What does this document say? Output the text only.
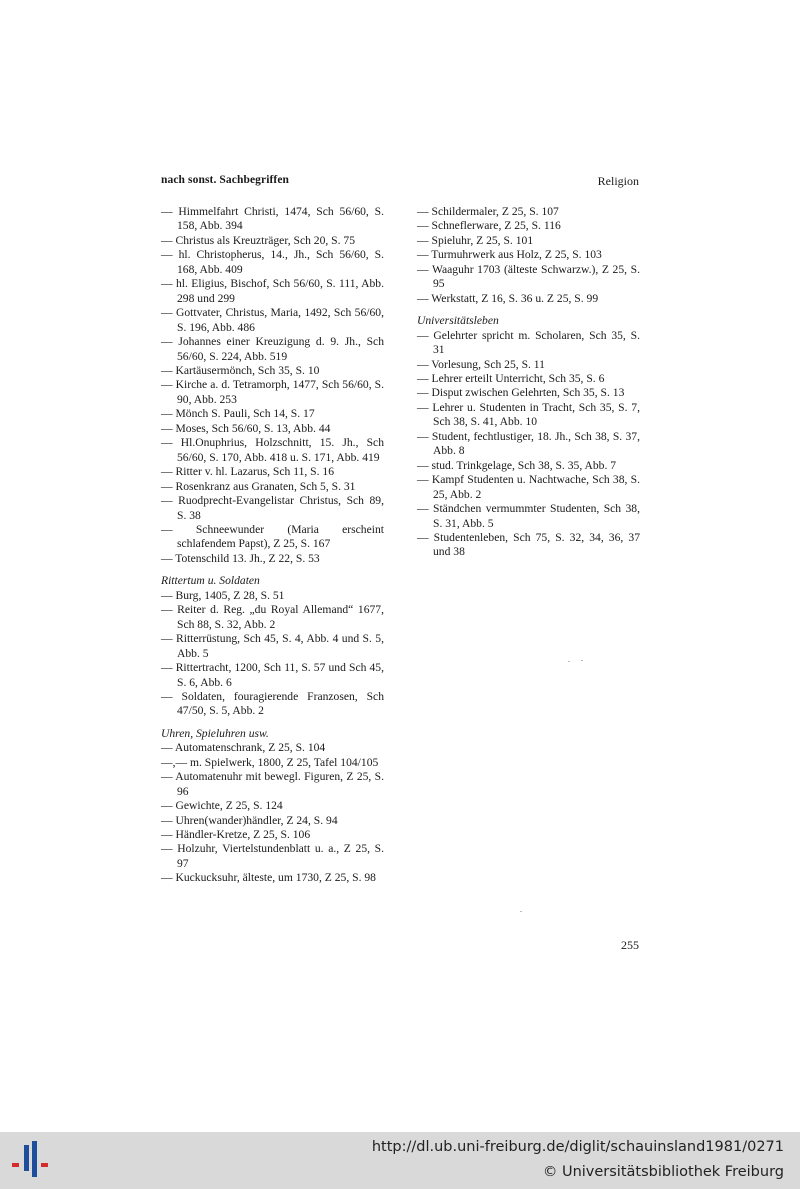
nach sonst. Sachbegriffen	Religion
— Himmelfahrt Christi, 1474, Sch 56/60, S. 158, Abb. 394
— Christus als Kreuzträger, Sch 20, S. 75
— hl. Christopherus, 14., Jh., Sch 56/60, S. 168, Abb. 409
— hl. Eligius, Bischof, Sch 56/60, S. 111, Abb. 298 und 299
— Gottvater, Christus, Maria, 1492, Sch 56/60, S. 196, Abb. 486
— Johannes einer Kreuzigung d. 9. Jh., Sch 56/60, S. 224, Abb. 519
— Kartäusermönch, Sch 35, S. 10
— Kirche a. d. Tetramorph, 1477, Sch 56/60, S. 90, Abb. 253
— Mönch S. Pauli, Sch 14, S. 17
— Moses, Sch 56/60, S. 13, Abb. 44
— Hl.Onuphrius, Holzschnitt, 15. Jh., Sch 56/60, S. 170, Abb. 418 u. S. 171, Abb. 419
— Ritter v. hl. Lazarus, Sch 11, S. 16
— Rosenkranz aus Granaten, Sch 5, S. 31
— Ruodprecht-Evangelistar Christus, Sch 89, S. 38
— Schneewunder (Maria erscheint schlafendem Papst), Z 25, S. 167
— Totenschild 13. Jh., Z 22, S. 53
Rittertum u. Soldaten
— Burg, 1405, Z 28, S. 51
— Reiter d. Reg. „du Royal Allemand“ 1677, Sch 88, S. 32, Abb. 2
— Ritterrüstung, Sch 45, S. 4, Abb. 4 und S. 5, Abb. 5
— Rittertracht, 1200, Sch 11, S. 57 und Sch 45, S. 6, Abb. 6
— Soldaten, fouragierende Franzosen, Sch 47/50, S. 5, Abb. 2
Uhren, Spieluhren usw.
— Automatenschrank, Z 25, S. 104
—,— m. Spielwerk, 1800, Z 25, Tafel 104/105
— Automatenuhr mit bewegl. Figuren, Z 25, S. 96
— Gewichte, Z 25, S. 124
— Uhren(wander)händler, Z 24, S. 94
— Händler-Kretze, Z 25, S. 106
— Holzuhr, Viertelstundenblatt u. a., Z 25, S. 97
— Kuckucksuhr, älteste, um 1730, Z 25, S. 98
— Schildermaler, Z 25, S. 107
— Schneflerware, Z 25, S. 116
— Spieluhr, Z 25, S. 101
— Turmuhrwerk aus Holz, Z 25, S. 103
— Waaguhr 1703 (älteste Schwarzw.), Z 25, S. 95
— Werkstatt, Z 16, S. 36 u. Z 25, S. 99
Universitätsleben
— Gelehrter spricht m. Scholaren, Sch 35, S. 31
— Vorlesung, Sch 25, S. 11
— Lehrer erteilt Unterricht, Sch 35, S. 6
— Disput zwischen Gelehrten, Sch 35, S. 13
— Lehrer u. Studenten in Tracht, Sch 35, S. 7, Sch 38, S. 41, Abb. 10
— Student, fechtlustiger, 18. Jh., Sch 38, S. 37, Abb. 8
— stud. Trinkgelage, Sch 38, S. 35, Abb. 7
— Kampf Studenten u. Nachtwache, Sch 38, S. 25, Abb. 2
— Ständchen vermummter Studenten, Sch 38, S. 31, Abb. 5
— Studentenleben, Sch 75, S. 32, 34, 36, 37 und 38
255
http://dl.ub.uni-freiburg.de/diglit/schauinsland1981/0271
© Universitätsbibliothek Freiburg
